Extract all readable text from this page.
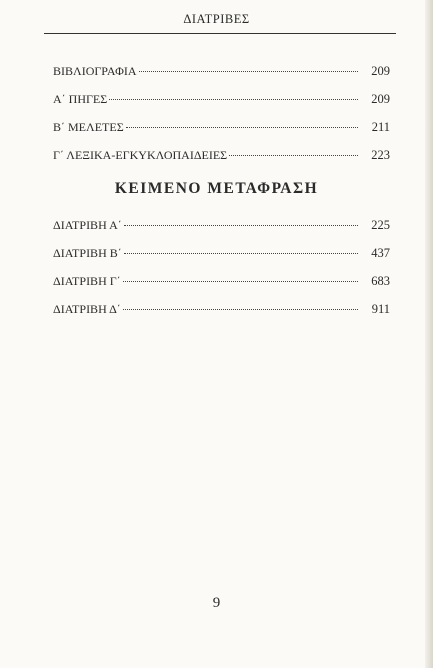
ΔΙΑΤΡΙΒΕΣ
ΒΙΒΛΙΟΓΡΑΦΙΑ	209
Α΄ ΠΗΓΕΣ	209
Β΄ ΜΕΛΕΤΕΣ	211
Γ΄ ΛΕΞΙΚΑ-ΕΓΚΥΚΛΟΠΑΙΔΕΙΕΣ	223
ΚΕΙΜΕΝΟ ΜΕΤΑΦΡΑΣΗ
ΔΙΑΤΡΙΒΗ Α΄	225
ΔΙΑΤΡΙΒΗ Β΄	437
ΔΙΑΤΡΙΒΗ Γ΄	683
ΔΙΑΤΡΙΒΗ Δ΄	911
9
